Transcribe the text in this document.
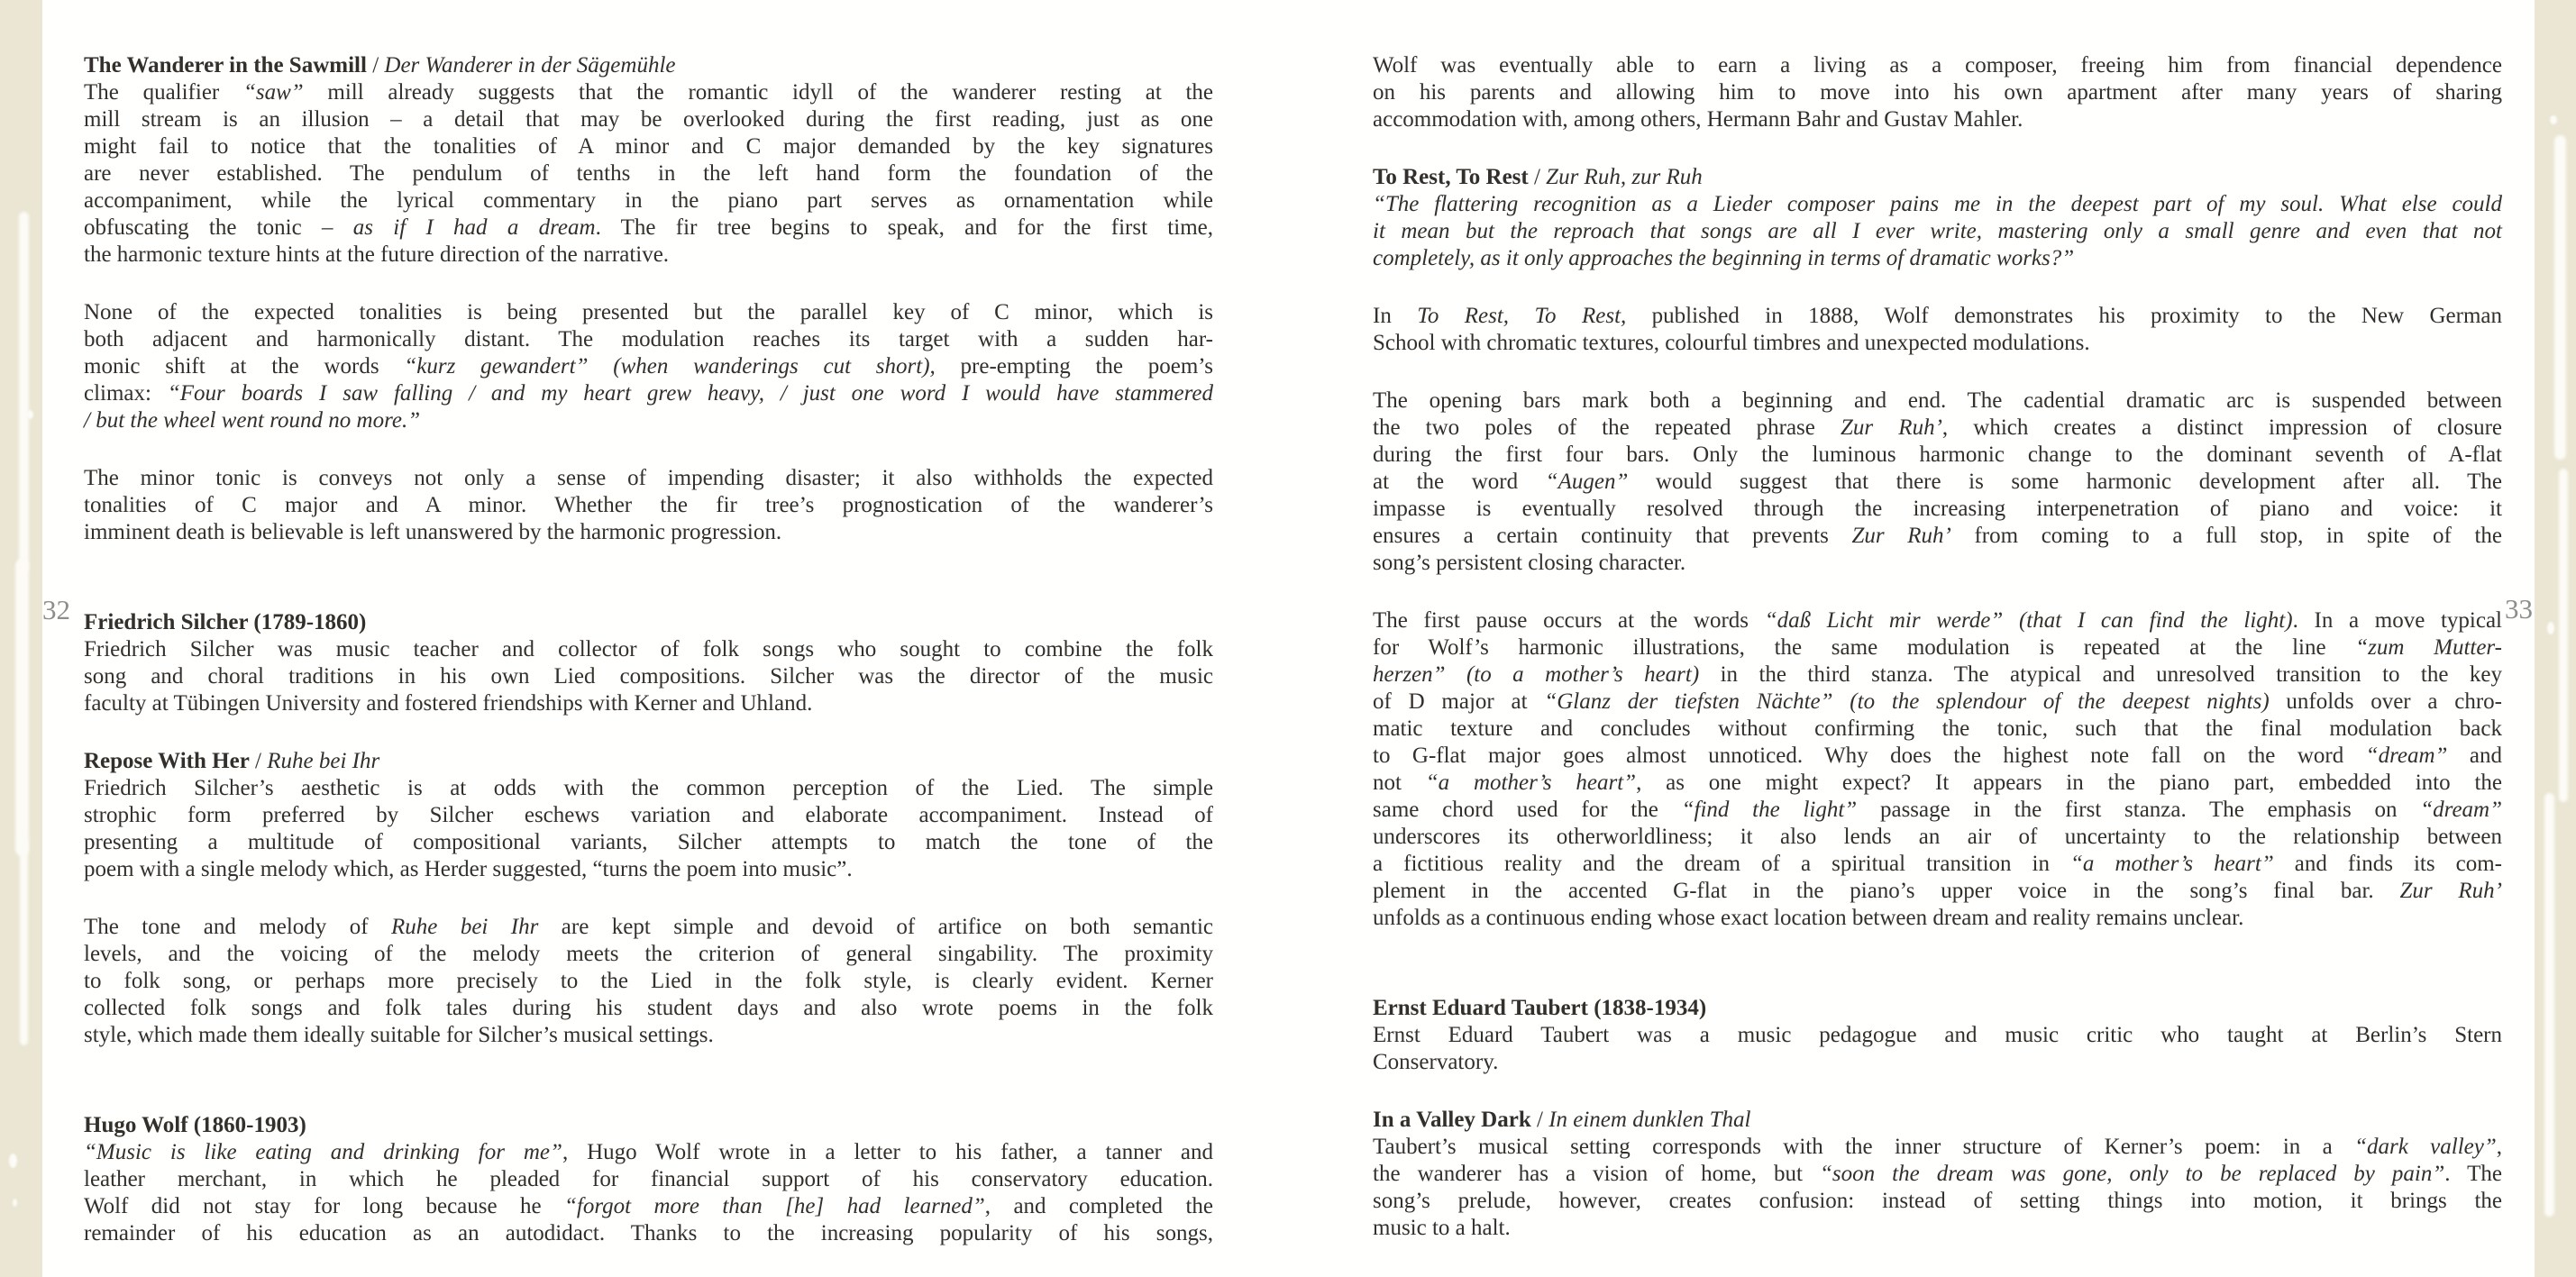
32	33
The Wanderer in the Sawmill / Der Wanderer in der Sägemühle
The qualifier “saw” mill already suggests that the romantic idyll of the wanderer resting at the
mill stream is an illusion – a detail that may be overlooked during the first reading, just as one
might fail to notice that the tonalities of A minor and C major demanded by the key signatures
are never established. The pendulum of tenths in the left hand form the foundation of the
accompaniment, while the lyrical commentary in the piano part serves as ornamentation while
obfuscating the tonic – as if I had a dream. The fir tree begins to speak, and for the first time,
the harmonic texture hints at the future direction of the narrative.
None of the expected tonalities is being presented but the parallel key of C minor, which is
both adjacent and harmonically distant. The modulation reaches its target with a sudden har-
monic shift at the words “kurz gewandert” (when wanderings cut short), pre-empting the poem’s
climax: “Four boards I saw falling / and my heart grew heavy, / just one word I would have stammered
/ but the wheel went round no more.”
The minor tonic is conveys not only a sense of impending disaster; it also withholds the expected
tonalities of C major and A minor. Whether the fir tree’s prognostication of the wanderer’s
imminent death is believable is left unanswered by the harmonic progression.
Friedrich Silcher (1789-1860)
Friedrich Silcher was music teacher and collector of folk songs who sought to combine the folk
song and choral traditions in his own Lied compositions. Silcher was the director of the music
faculty at Tübingen University and fostered friendships with Kerner and Uhland.
Repose With Her / Ruhe bei Ihr
Friedrich Silcher’s aesthetic is at odds with the common perception of the Lied. The simple
strophic form preferred by Silcher eschews variation and elaborate accompaniment. Instead of
presenting a multitude of compositional variants, Silcher attempts to match the tone of the
poem with a single melody which, as Herder suggested, “turns the poem into music”.
The tone and melody of Ruhe bei Ihr are kept simple and devoid of artifice on both semantic
levels, and the voicing of the melody meets the criterion of general singability. The proximity
to folk song, or perhaps more precisely to the Lied in the folk style, is clearly evident. Kerner
collected folk songs and folk tales during his student days and also wrote poems in the folk
style, which made them ideally suitable for Silcher’s musical settings.
Hugo Wolf (1860-1903)
“Music is like eating and drinking for me”, Hugo Wolf wrote in a letter to his father, a tanner and
leather merchant, in which he pleaded for financial support of his conservatory education.
Wolf did not stay for long because he “forgot more than [he] had learned”, and completed the
remainder of his education as an autodidact. Thanks to the increasing popularity of his songs,
Wolf was eventually able to earn a living as a composer, freeing him from financial dependence
on his parents and allowing him to move into his own apartment after many years of sharing
accommodation with, among others, Hermann Bahr and Gustav Mahler.
To Rest, To Rest / Zur Ruh, zur Ruh
“The flattering recognition as a Lieder composer pains me in the deepest part of my soul. What else could
it mean but the reproach that songs are all I ever write, mastering only a small genre and even that not
completely, as it only approaches the beginning in terms of dramatic works?”
In To Rest, To Rest, published in 1888, Wolf demonstrates his proximity to the New German
School with chromatic textures, colourful timbres and unexpected modulations.
The opening bars mark both a beginning and end. The cadential dramatic arc is suspended between
the two poles of the repeated phrase Zur Ruh’, which creates a distinct impression of closure
during the first four bars. Only the luminous harmonic change to the dominant seventh of A-flat
at the word “Augen” would suggest that there is some harmonic development after all. The
impasse is eventually resolved through the increasing interpenetration of piano and voice: it
ensures a certain continuity that prevents Zur Ruh’ from coming to a full stop, in spite of the
song’s persistent closing character.
The first pause occurs at the words “daß Licht mir werde” (that I can find the light). In a move typical
for Wolf’s harmonic illustrations, the same modulation is repeated at the line “zum Mutter-
herzen” (to a mother’s heart) in the third stanza. The atypical and unresolved transition to the key
of D major at “Glanz der tiefsten Nächte” (to the splendour of the deepest nights) unfolds over a chro-
matic texture and concludes without confirming the tonic, such that the final modulation back
to G-flat major goes almost unnoticed. Why does the highest note fall on the word “dream” and
not “a mother’s heart”, as one might expect? It appears in the piano part, embedded into the
same chord used for the “find the light” passage in the first stanza. The emphasis on “dream”
underscores its otherworldliness; it also lends an air of uncertainty to the relationship between
a fictitious reality and the dream of a spiritual transition in “a mother’s heart” and finds its com-
plement in the accented G-flat in the piano’s upper voice in the song’s final bar. Zur Ruh’
unfolds as a continuous ending whose exact location between dream and reality remains unclear.
Ernst Eduard Taubert (1838-1934)
Ernst Eduard Taubert was a music pedagogue and music critic who taught at Berlin’s Stern
Conservatory.
In a Valley Dark / In einem dunklen Thal
Taubert’s musical setting corresponds with the inner structure of Kerner’s poem: in a “dark valley”,
the wanderer has a vision of home, but “soon the dream was gone, only to be replaced by pain”. The
song’s prelude, however, creates confusion: instead of setting things into motion, it brings the
music to a halt.
